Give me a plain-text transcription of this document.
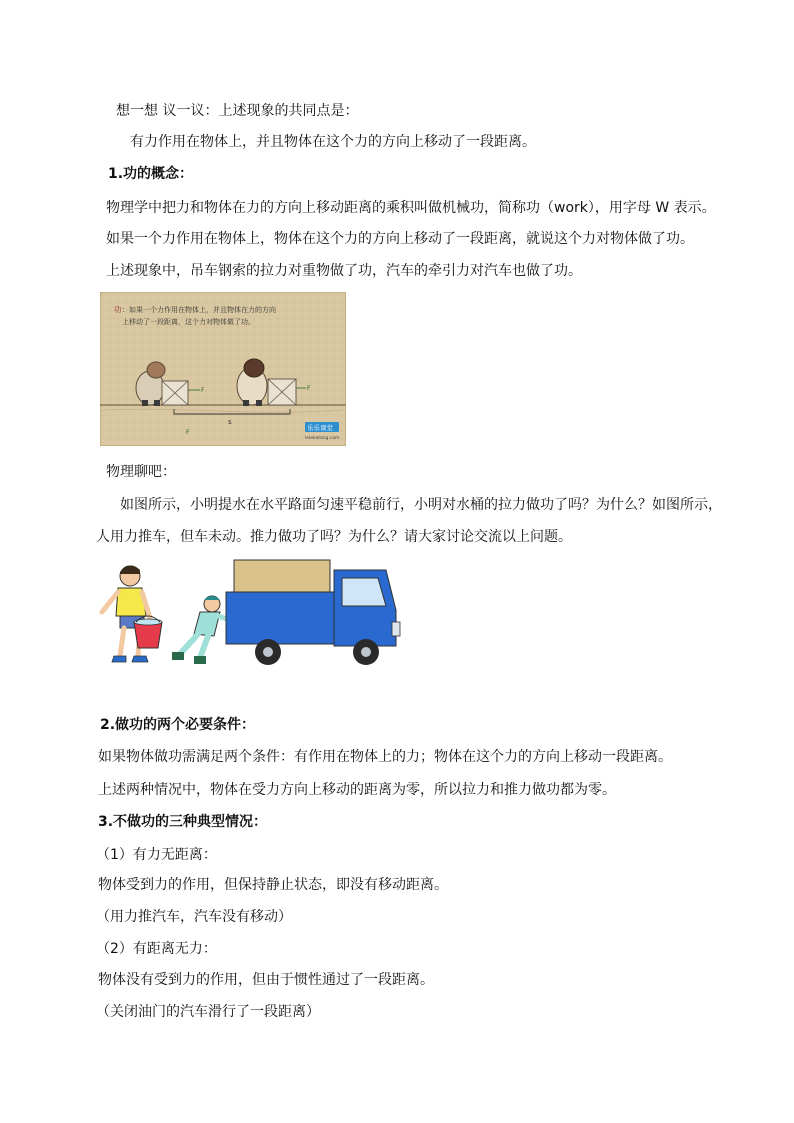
想一想 议一议：上述现象的共同点是：
有力作用在物体上，并且物体在这个力的方向上移动了一段距离。
1.功的概念：
物理学中把力和物体在力的方向上移动距离的乘积叫做机械功，简称功（work），用字母 W 表示。
如果一个力作用在物体上，物体在这个力的方向上移动了一段距离，就说这个力对物体做了功。
上述现象中，吊车钢索的拉力对重物做了功，汽车的牵引力对汽车也做了功。
功 ：如果一个力作用在物体上，并且物体在力的方向
上移动了一段距离，这个力对物体做了功。
s
F	F
F
乐乐课堂
leleketang.com
物理聊吧：
如图所示，小明提水在水平路面匀速平稳前行，小明对水桶的拉力做功了吗？为什么？如图所示，
人用力推车，但车未动。推力做功了吗？为什么？请大家讨论交流以上问题。
2.做功的两个必要条件：
如果物体做功需满足两个条件：有作用在物体上的力；物体在这个力的方向上移动一段距离。
上述两种情况中，物体在受力方向上移动的距离为零，所以拉力和推力做功都为零。
3.不做功的三种典型情况：
（1）有力无距离：
物体受到力的作用，但保持静止状态，即没有移动距离。
（用力推汽车，汽车没有移动）
（2）有距离无力：
物体没有受到力的作用，但由于惯性通过了一段距离。
（关闭油门的汽车滑行了一段距离）
